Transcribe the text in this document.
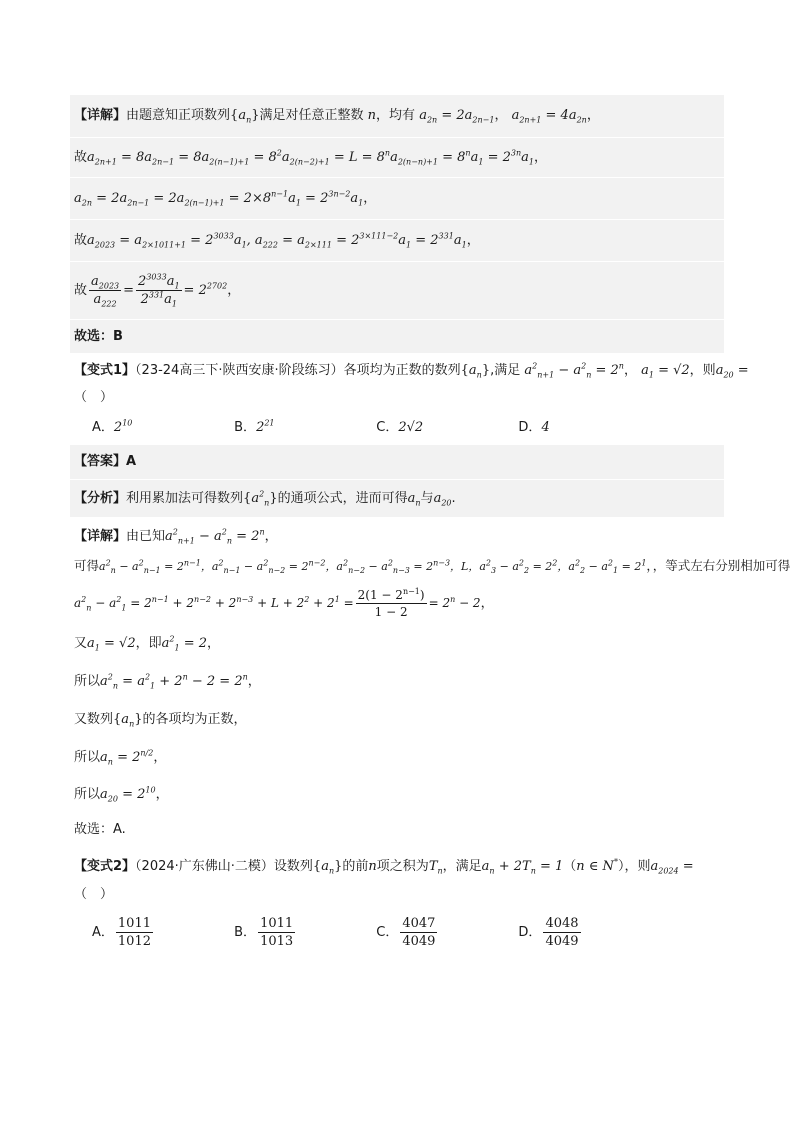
【详解】由题意知正项数列$\{a_n\}$满足对任意正整数 n，均有 $a_{2n} = 2a_{2n-1}$， $a_{2n+1} = 4a_{2n}$，
故$a_{2n+1} = 8a_{2n-1} = 8a_{2(n-1)+1} = 8^2a_{2(n-2)+1} = L = 8^na_{2(n-n)+1} = 8^na_1 = 2^{3n}a_1$，
$a_{2n} = 2a_{2n-1} = 2a_{2(n-1)+1} = 2\times 8^{n-1}a_1 = 2^{3n-2}a_1$，
故$a_{2023} = a_{2\times 1011+1} = 2^{3033}a_1$, $a_{222} = a_{2\times 111} = 2^{3\times 111-2}a_1 = 2^{331}a_1$，
故 $\frac{a_{2023}}{a_{222}} = \frac{2^{3033}a_1}{2^{331}a_1} = 2^{2702}$，
故选：B
【变式1】（23-24高三下·陕西安康·阶段练习）各项均为正数的数列$\{a_n\}$,满足 $a^2_{n+1} - a^2_n = 2^n$， $a_1 = √2$，则$a_{20}$ =
（　）
A．$2^{10}$	B．$2^{21}$	C．2√2	D．4
【答案】A
【分析】利用累加法可得数列$\{a^2_n\}$的通项公式，进而可得$a_n$与$a_{20}$.
【详解】由已知$a^2_{n+1} - a^2_n = 2^n$，
可得$a^2_n - a^2_{n-1} = 2^{n-1}$，$a^2_{n-1} - a^2_{n-2} = 2^{n-2}$，$a^2_{n-2} - a^2_{n-3} = 2^{n-3}$，L，$a^2_3 - a^2_2 = 2^2$，$a^2_2 - a^2_1 = 2^1$，，等式左右分别相加可得
$a^2_n - a^2_1 = 2^{n-1} + 2^{n-2} + 2^{n-3} + L + 2^2 + 2^1 = \frac{2(1 - 2^{n-1})}{1 - 2} = 2^n - 2$，
又$a_1 = √2$，即$a^2_1 = 2$，
所以$a^2_n = a^2_1 + 2^n - 2 = 2^n$，
又数列$\{a_n\}$的各项均为正数，
所以$a_n = 2^{n/2}$，
所以$a_{20} = 2^{10}$，
故选：A.
【变式2】（2024·广东佛山·二模）设数列$\{a_n\}$的前n项之积为$T_n$，满足$a_n + 2T_n = 1(n$ ∈ N*），则$a_{2024}$ =
（　）
A． $\frac{1011}{1012}$	B． $\frac{1011}{1013}$	C． $\frac{4047}{4049}$	D． $\frac{4048}{4049}$
